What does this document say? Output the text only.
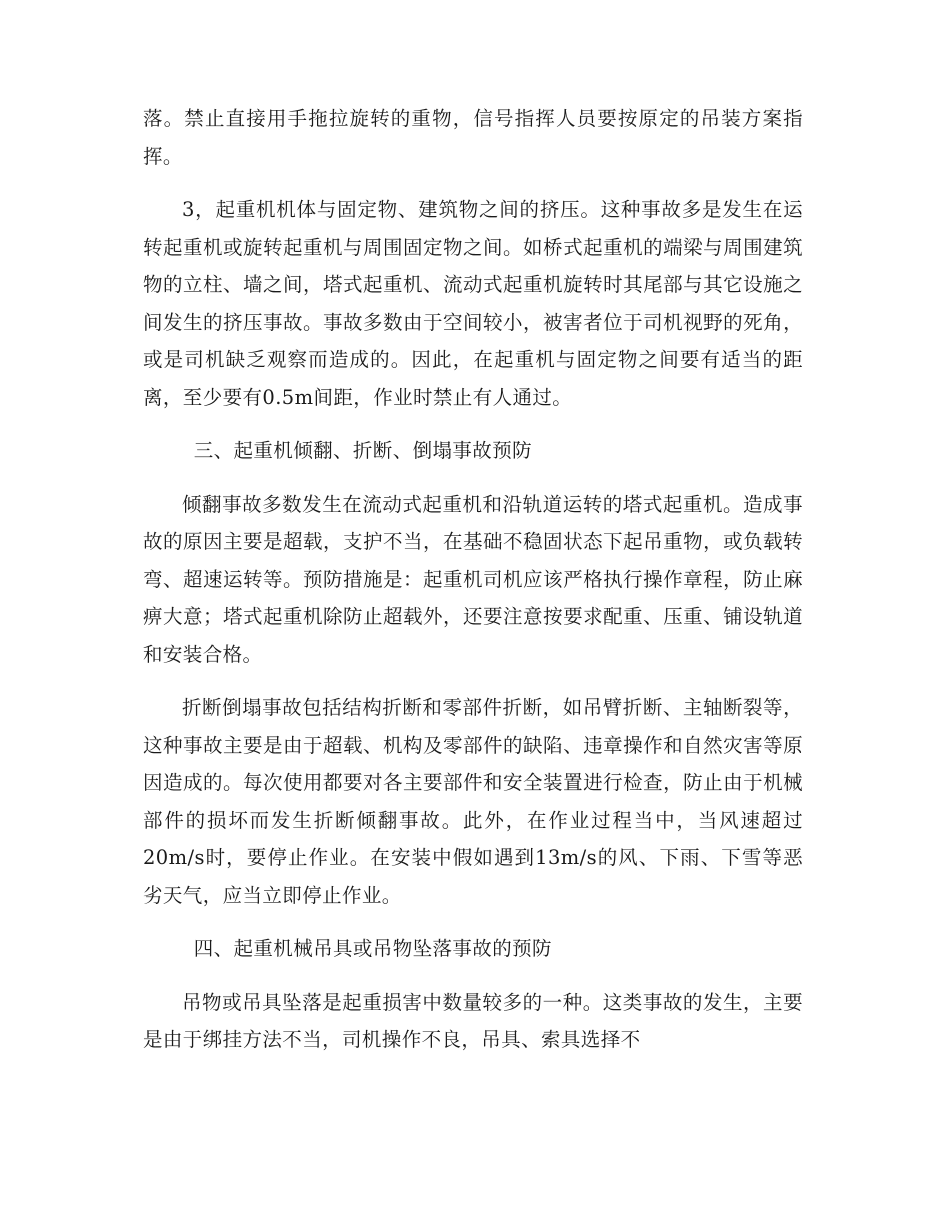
落。禁止直接用手拖拉旋转的重物，信号指挥人员要按原定的吊装方案指挥。

3，起重机机体与固定物、建筑物之间的挤压。这种事故多是发生在运转起重机或旋转起重机与周围固定物之间。如桥式起重机的端梁与周围建筑物的立柱、墙之间，塔式起重机、流动式起重机旋转时其尾部与其它设施之间发生的挤压事故。事故多数由于空间较小，被害者位于司机视野的死角，或是司机缺乏观察而造成的。因此，在起重机与固定物之间要有适当的距离，至少要有0.5m间距，作业时禁止有人通过。

三、起重机倾翻、折断、倒塌事故预防

倾翻事故多数发生在流动式起重机和沿轨道运转的塔式起重机。造成事故的原因主要是超载，支护不当，在基础不稳固状态下起吊重物，或负载转弯、超速运转等。预防措施是：起重机司机应该严格执行操作章程，防止麻痹大意；塔式起重机除防止超载外，还要注意按要求配重、压重、铺设轨道和安装合格。

折断倒塌事故包括结构折断和零部件折断，如吊臂折断、主轴断裂等，这种事故主要是由于超载、机构及零部件的缺陷、违章操作和自然灾害等原因造成的。每次使用都要对各主要部件和安全装置进行检查，防止由于机械部件的损坏而发生折断倾翻事故。此外，在作业过程当中，当风速超过20m/s时，要停止作业。在安装中假如遇到13m/s的风、下雨、下雪等恶劣天气，应当立即停止作业。

四、起重机械吊具或吊物坠落事故的预防

吊物或吊具坠落是起重损害中数量较多的一种。这类事故的发生，主要是由于绑挂方法不当，司机操作不良，吊具、索具选择不
